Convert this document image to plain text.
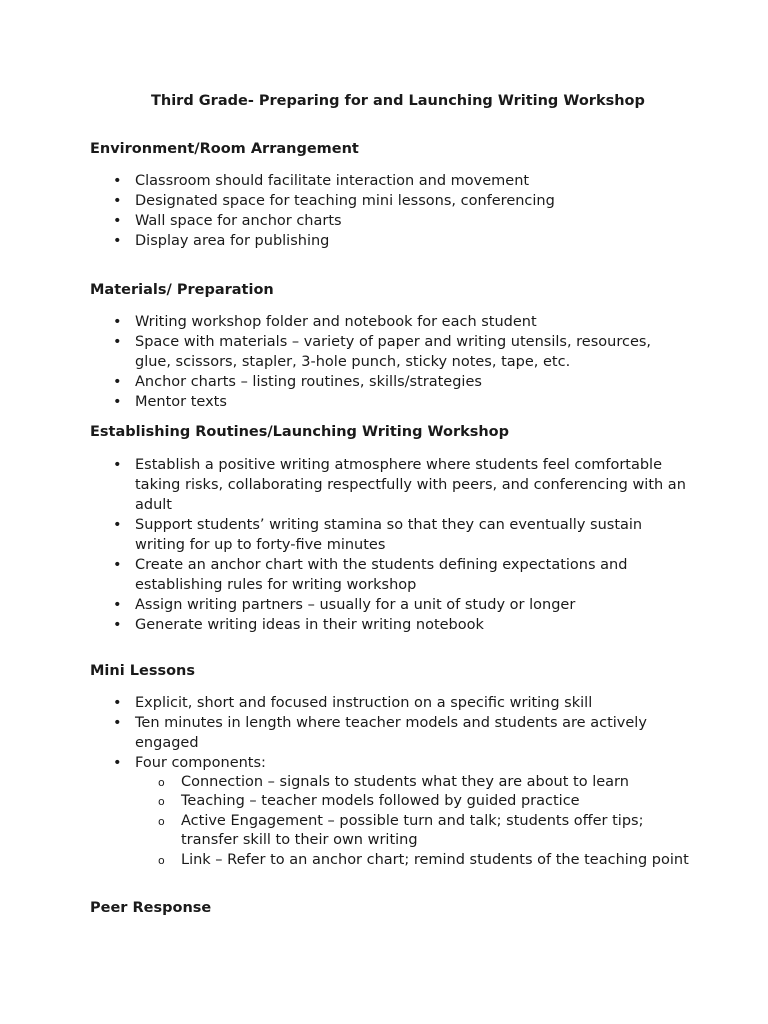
Third Grade- Preparing for and Launching Writing Workshop
Environment/Room Arrangement
• Classroom should facilitate interaction and movement
• Designated space for teaching mini lessons, conferencing
• Wall space for anchor charts
• Display area for publishing
Materials/ Preparation
• Writing workshop folder and notebook for each student
• Space with materials – variety of paper and writing utensils, resources, glue, scissors, stapler, 3-hole punch, sticky notes, tape, etc.
• Anchor charts – listing routines, skills/strategies
• Mentor texts
Establishing Routines/Launching Writing Workshop
• Establish a positive writing atmosphere where students feel comfortable taking risks, collaborating respectfully with peers, and conferencing with an adult
• Support students’ writing stamina so that they can eventually sustain writing for up to forty-five minutes
• Create an anchor chart with the students defining expectations and establishing rules for writing workshop
• Assign writing partners – usually for a unit of study or longer
• Generate writing ideas in their writing notebook
Mini Lessons
• Explicit, short and focused instruction on a specific writing skill
• Ten minutes in length where teacher models and students are actively engaged
• Four components:
o Connection – signals to students what they are about to learn
o Teaching – teacher models followed by guided practice
o Active Engagement – possible turn and talk; students offer tips; transfer skill to their own writing
o Link – Refer to an anchor chart; remind students of the teaching point
Peer Response
